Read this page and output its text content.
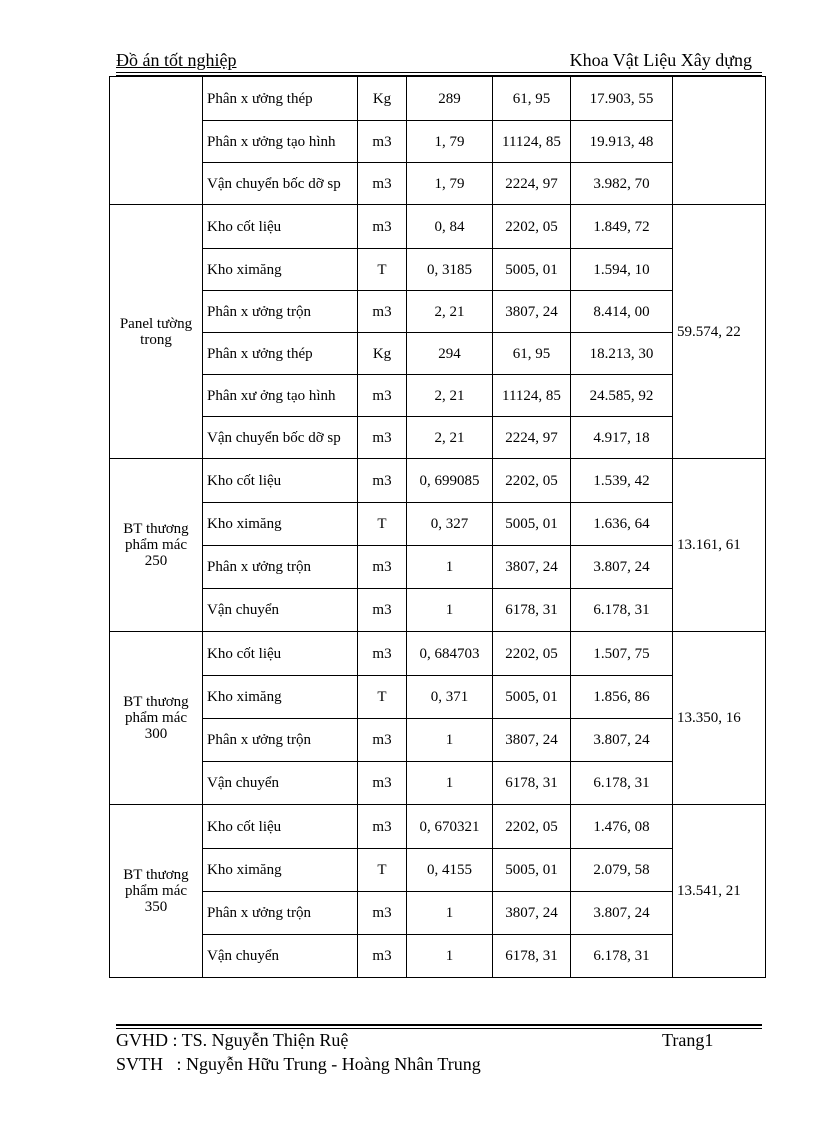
Đồ án tốt nghiệp	Khoa Vật Liệu Xây dựng
	Phân x ưởng thép	Kg	289	61, 95	17.903, 55	
	Phân x ưởng tạo hình	m3	1, 79	11124, 85	19.913, 48	
	Vận chuyển bốc dỡ sp	m3	1, 79	2224, 97	3.982, 70	
Panel tường trong	Kho cốt liệu	m3	0, 84	2202, 05	1.849, 72	59.574, 22
	Kho ximăng	T	0, 3185	5005, 01	1.594, 10	
	Phân x ưởng trộn	m3	2, 21	3807, 24	8.414, 00	
	Phân x ưởng thép	Kg	294	61, 95	18.213, 30	
	Phân xư ởng tạo hình	m3	2, 21	11124, 85	24.585, 92	
	Vận chuyển bốc dỡ sp	m3	2, 21	2224, 97	4.917, 18	
BT thương phẩm mác 250	Kho cốt liệu	m3	0, 699085	2202, 05	1.539, 42	13.161, 61
	Kho ximăng	T	0, 327	5005, 01	1.636, 64	
	Phân x ưởng trộn	m3	1	3807, 24	3.807, 24	
	Vận chuyển	m3	1	6178, 31	6.178, 31	
BT thương phẩm mác 300	Kho cốt liệu	m3	0, 684703	2202, 05	1.507, 75	13.350, 16
	Kho ximăng	T	0, 371	5005, 01	1.856, 86	
	Phân x ưởng trộn	m3	1	3807, 24	3.807, 24	
	Vận chuyển	m3	1	6178, 31	6.178, 31	
BT thương phẩm mác 350	Kho cốt liệu	m3	0, 670321	2202, 05	1.476, 08	13.541, 21
	Kho ximăng	T	0, 4155	5005, 01	2.079, 58	
	Phân x ưởng trộn	m3	1	3807, 24	3.807, 24	
	Vận chuyển	m3	1	6178, 31	6.178, 31	
GVHD : TS. Nguyễn Thiện Ruệ	Trang1
SVTH   : Nguyễn Hữu Trung - Hoàng Nhân Trung
